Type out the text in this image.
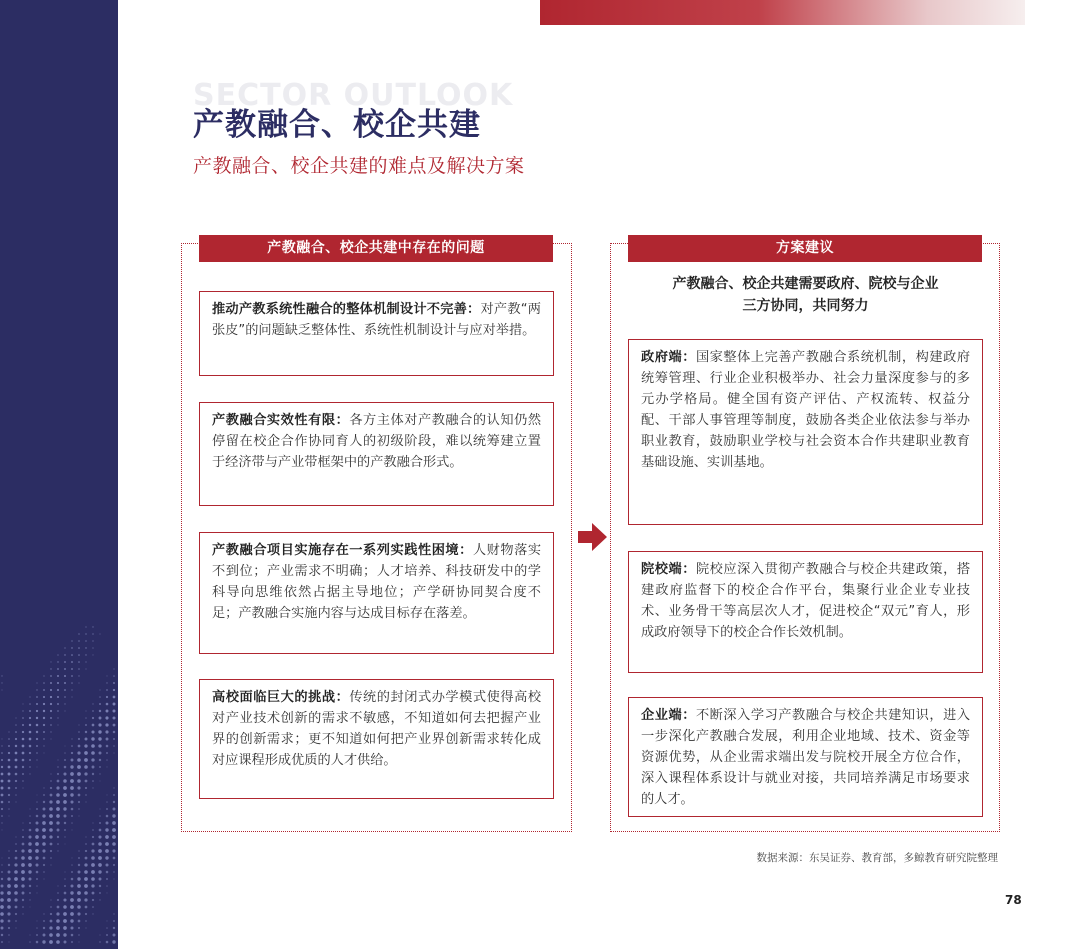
SECTOR OUTLOOK
产教融合、校企共建
产教融合、校企共建的难点及解决方案
产教融合、校企共建中存在的问题	方案建议
推动产教系统性融合的整体机制设计不完善：对产教“两张皮”的问题缺乏整体性、系统性机制设计与应对举措。
产教融合实效性有限：各方主体对产教融合的认知仍然停留在校企合作协同育人的初级阶段，难以统筹建立置于经济带与产业带框架中的产教融合形式。
产教融合项目实施存在一系列实践性困境：人财物落实不到位；产业需求不明确；人才培养、科技研发中的学科导向思维依然占据主导地位；产学研协同契合度不足；产教融合实施内容与达成目标存在落差。
高校面临巨大的挑战：传统的封闭式办学模式使得高校对产业技术创新的需求不敏感，不知道如何去把握产业界的创新需求；更不知道如何把产业界创新需求转化成对应课程形成优质的人才供给。
产教融合、校企共建需要政府、院校与企业
三方协同，共同努力
政府端：国家整体上完善产教融合系统机制，构建政府统筹管理、行业企业积极举办、社会力量深度参与的多元办学格局。健全国有资产评估、产权流转、权益分配、干部人事管理等制度，鼓励各类企业依法参与举办职业教育，鼓励职业学校与社会资本合作共建职业教育基础设施、实训基地。
院校端：院校应深入贯彻产教融合与校企共建政策，搭建政府监督下的校企合作平台，集聚行业企业专业技术、业务骨干等高层次人才，促进校企“双元”育人，形成政府领导下的校企合作长效机制。
企业端：不断深入学习产教融合与校企共建知识，进入一步深化产教融合发展，利用企业地域、技术、资金等资源优势，从企业需求端出发与院校开展全方位合作，深入课程体系设计与就业对接，共同培养满足市场要求的人才。
数据来源：东吴证券、教育部，多鲸教育研究院整理
78
